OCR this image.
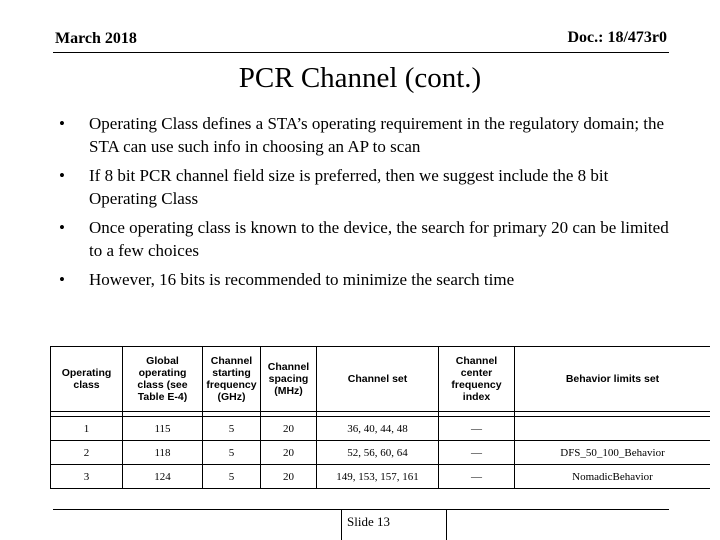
March 2018	Doc.: 18/473r0
PCR Channel (cont.)
• Operating Class defines a STA’s operating requirement in the regulatory domain; the STA can use such info in choosing an AP to scan
• If 8 bit PCR channel field size is preferred, then we suggest include the 8 bit Operating Class
• Once operating class is known to the device, the search for primary 20 can be limited to a few choices
• However, 16 bits is recommended to minimize the search time
Operating class	Global operating class (see Table E-4)	Channel starting frequency (GHz)	Channel spacing (MHz)	Channel set	Channel center frequency index	Behavior limits set

1	115	5	20	36, 40, 44, 48	—	
2	118	5	20	52, 56, 60, 64	—	DFS_50_100_Behavior
3	124	5	20	149, 153, 157, 161	—	NomadicBehavior
Slide 13
